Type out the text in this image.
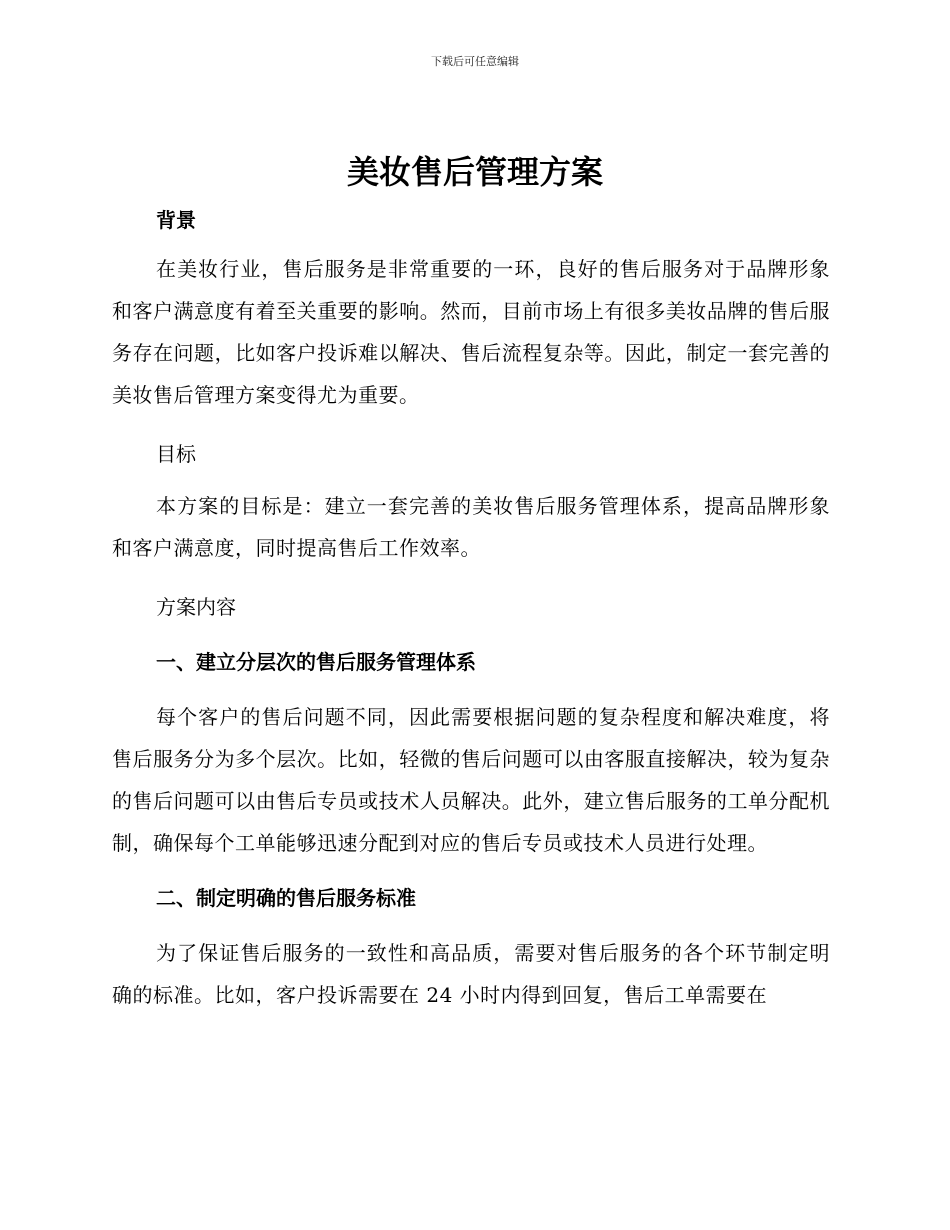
下载后可任意编辑
美妆售后管理方案

背景

在美妆行业，售后服务是非常重要的一环，良好的售后服务对于品牌形象和客户满意度有着至关重要的影响。然而，目前市场上有很多美妆品牌的售后服务存在问题，比如客户投诉难以解决、售后流程复杂等。因此，制定一套完善的美妆售后管理方案变得尤为重要。

目标

本方案的目标是：建立一套完善的美妆售后服务管理体系，提高品牌形象和客户满意度，同时提高售后工作效率。

方案内容

一、建立分层次的售后服务管理体系

每个客户的售后问题不同，因此需要根据问题的复杂程度和解决难度，将售后服务分为多个层次。比如，轻微的售后问题可以由客服直接解决，较为复杂的售后问题可以由售后专员或技术人员解决。此外，建立售后服务的工单分配机制，确保每个工单能够迅速分配到对应的售后专员或技术人员进行处理。

二、制定明确的售后服务标准

为了保证售后服务的一致性和高品质，需要对售后服务的各个环节制定明确的标准。比如，客户投诉需要在 24 小时内得到回复，售后工单需要在
